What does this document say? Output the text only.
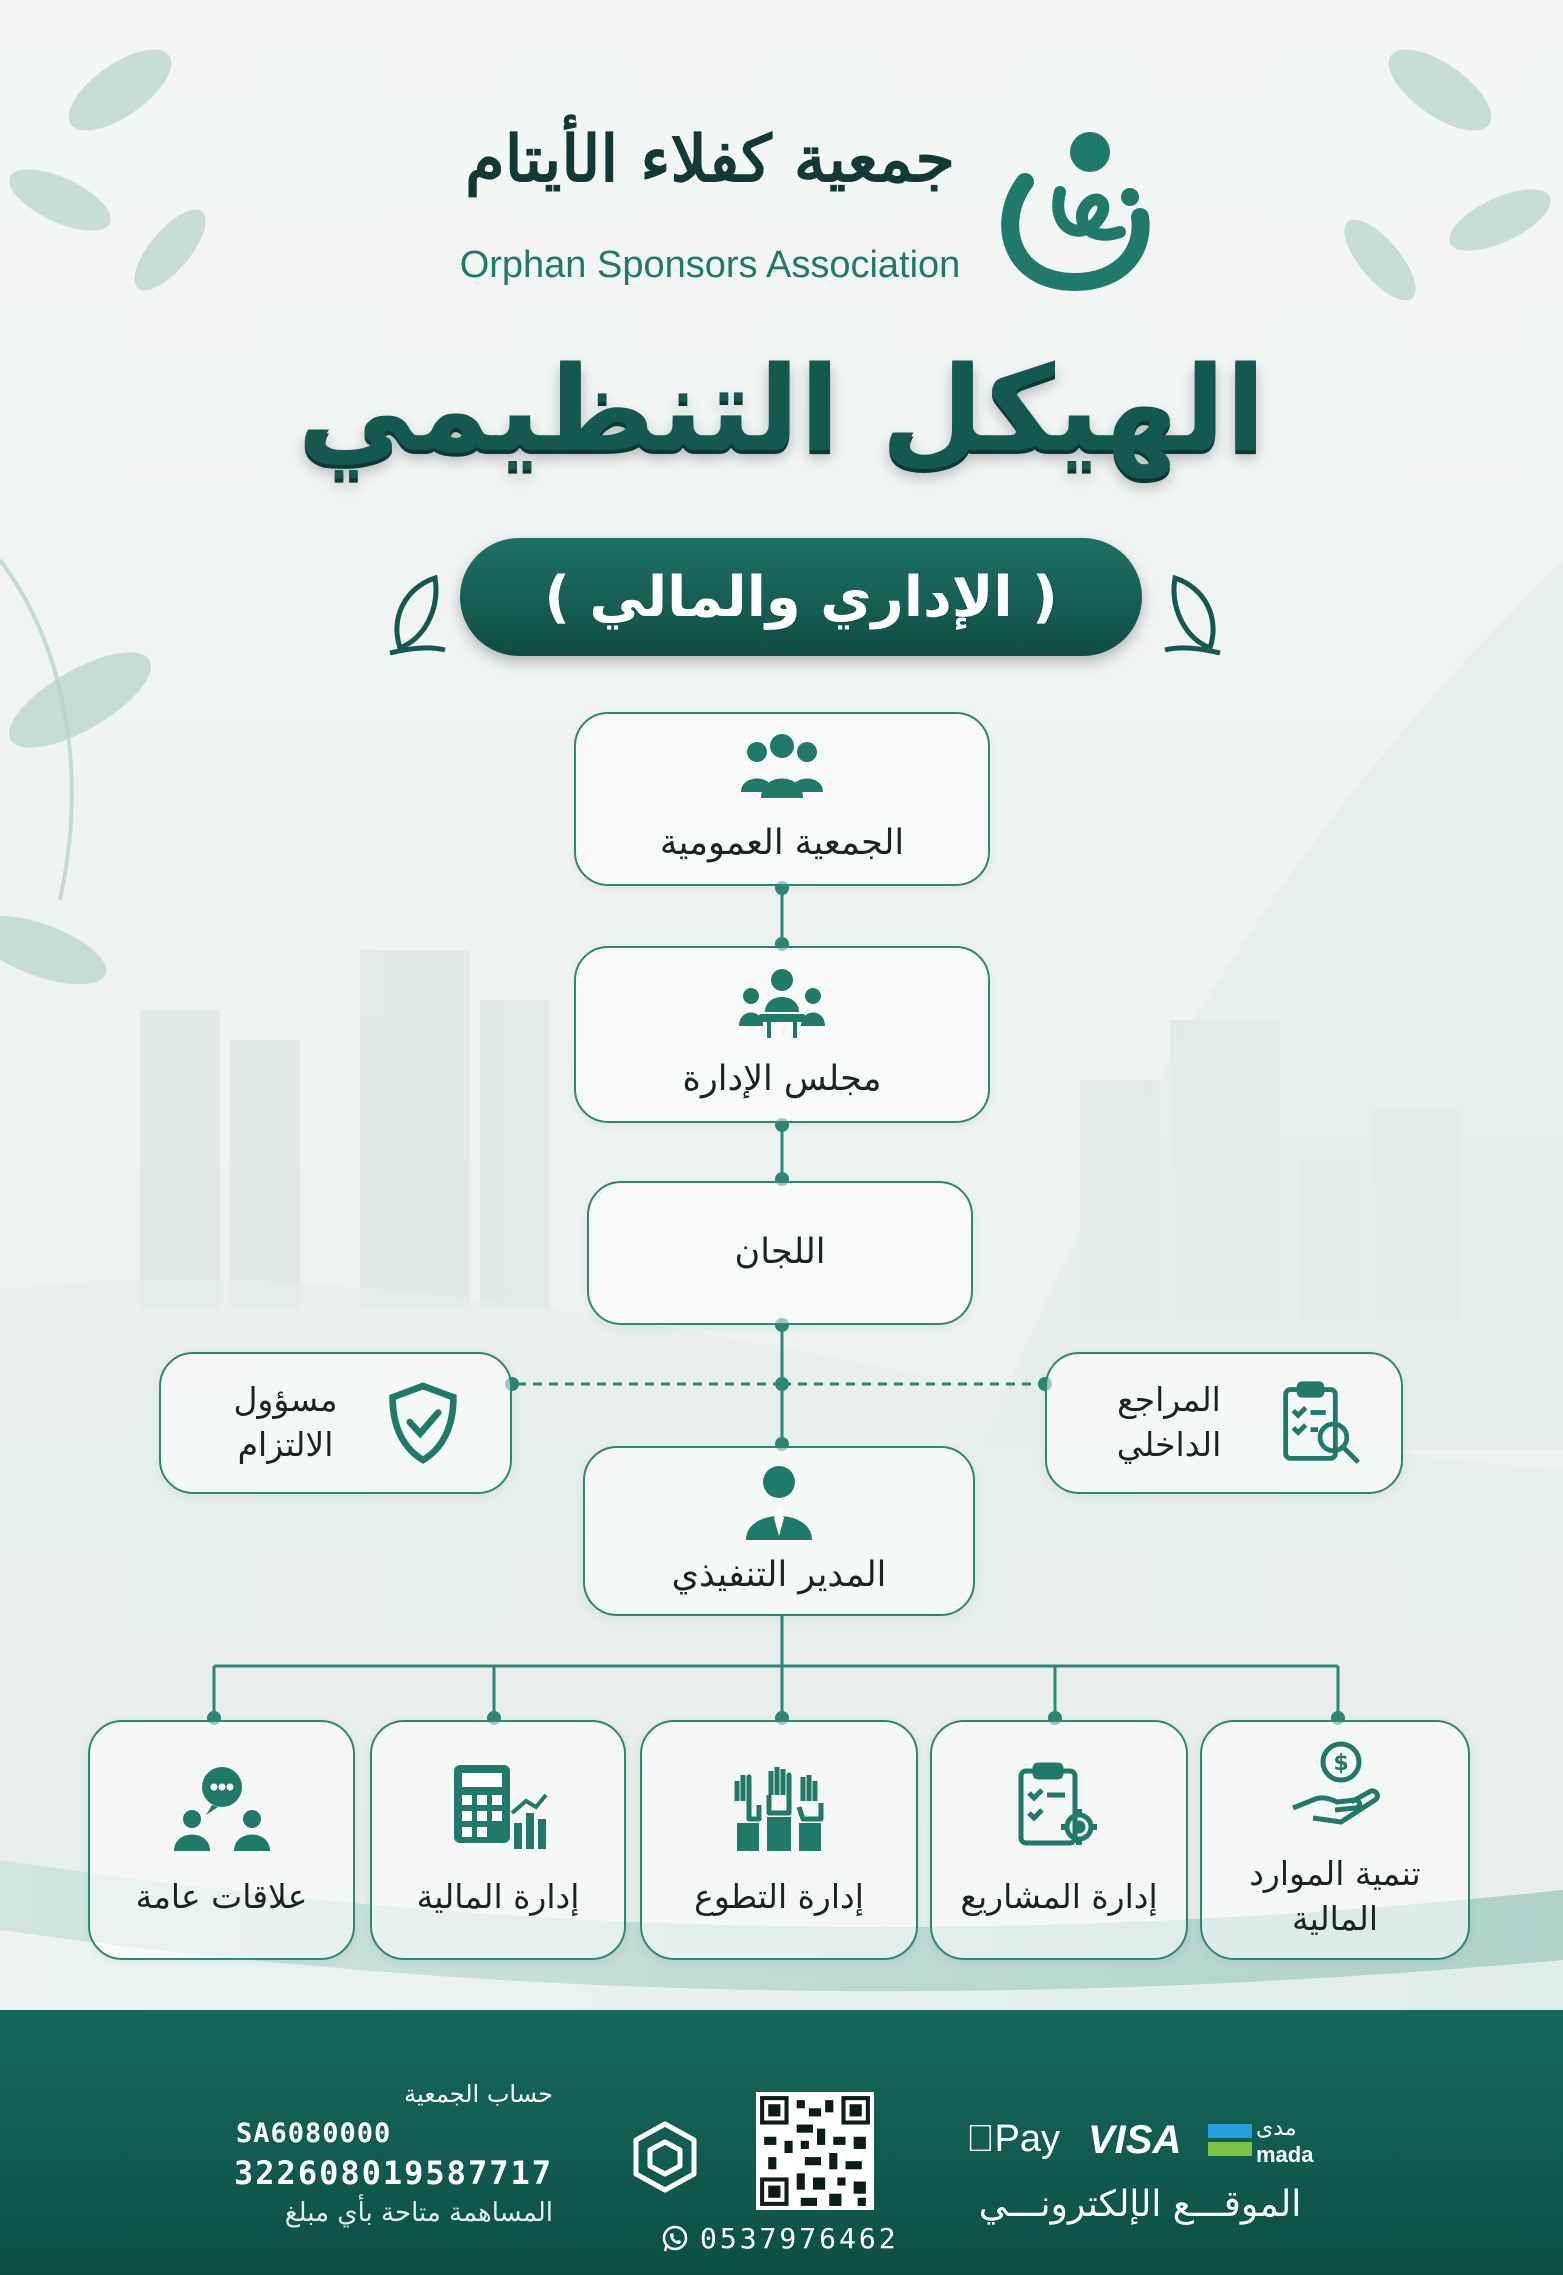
جمعية كفلاء الأيتام
Orphan Sponsors Association
الهيكل التنظيمي
( الإداري والمالي )
الجمعية العمومية
مجلس الإدارة
اللجان
المراجع الداخلي
مسؤول الالتزام
المدير التنفيذي
$
تنمية الموارد المالية
إدارة المشاريع
إدارة التطوع
إدارة المالية
علاقات عامة
حساب الجمعية
SA6080000
322608019587717
المساهمة متاحة بأي مبلغ
0537976462
Pay VISA	مدى
mada
الموقـــع الإلكترونـــي
